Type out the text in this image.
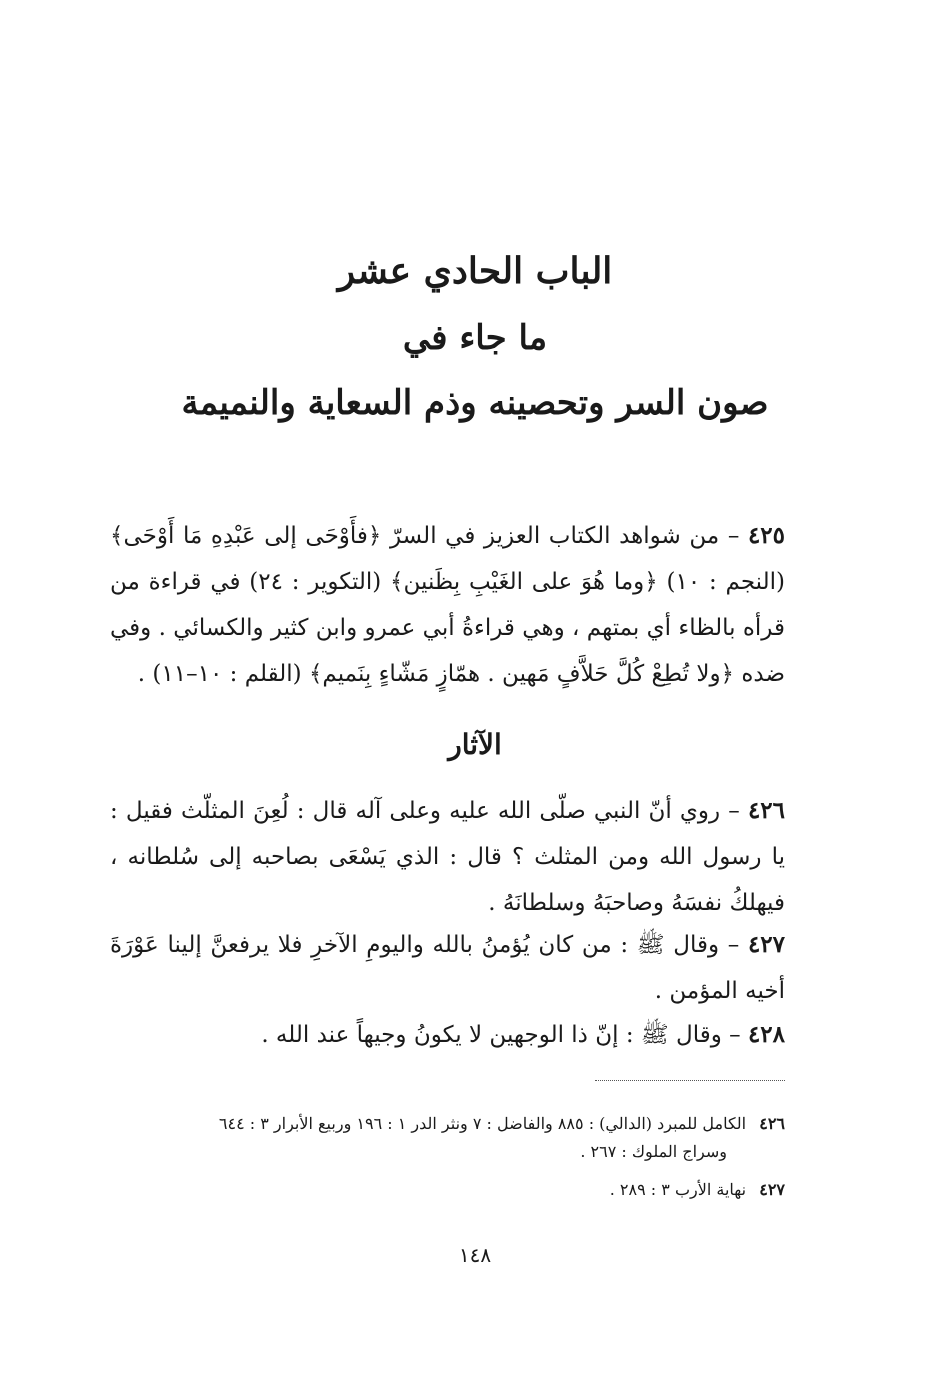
الباب الحادي عشر
ما جاء في
صون السر وتحصينه وذم السعاية والنميمة
٤٢٥ – من شواهد الكتاب العزيز في السرّ ﴿فأَوْحَى إلى عَبْدِهِ مَا أَوْحَى﴾ (النجم : ١٠) ﴿وما هُوَ على الغَيْبِ بِظَنين﴾ (التكوير : ٢٤) في قراءة من قرأه بالظاء أي بمتهم ، وهي قراءةُ أبي عمرو وابن كثير والكسائي . وفي ضده ﴿ولا تُطِعْ كُلَّ حَلاَّفٍ مَهين . همّازٍ مَشّاءٍ بِنَميم﴾ (القلم : ١٠–١١) .
الآثار
٤٢٦ – روي أنّ النبي صلّى الله عليه وعلى آله قال : لُعِنَ المثلّث فقيل : يا رسول الله ومن المثلث ؟ قال : الذي يَسْعَى بصاحبه إلى سُلطانه ، فيهلكُ نفسَهُ وصاحبَهُ وسلطانَهُ .
٤٢٧ – وقال ﷺ : من كان يُؤمنُ بالله واليومِ الآخرِ فلا يرفعنَّ إلينا عَوْرَةَ أخيه المؤمن .
٤٢٨ – وقال ﷺ : إنّ ذا الوجهين لا يكونُ وجيهاً عند الله .
٤٢٦ الكامل للمبرد (الدالي) : ٨٨٥ والفاضل : ٧ ونثر الدر ١ : ١٩٦ وربيع الأبرار ٣ : ٦٤٤
وسراج الملوك : ٢٦٧ .
٤٢٧ نهاية الأرب ٣ : ٢٨٩ .
١٤٨
